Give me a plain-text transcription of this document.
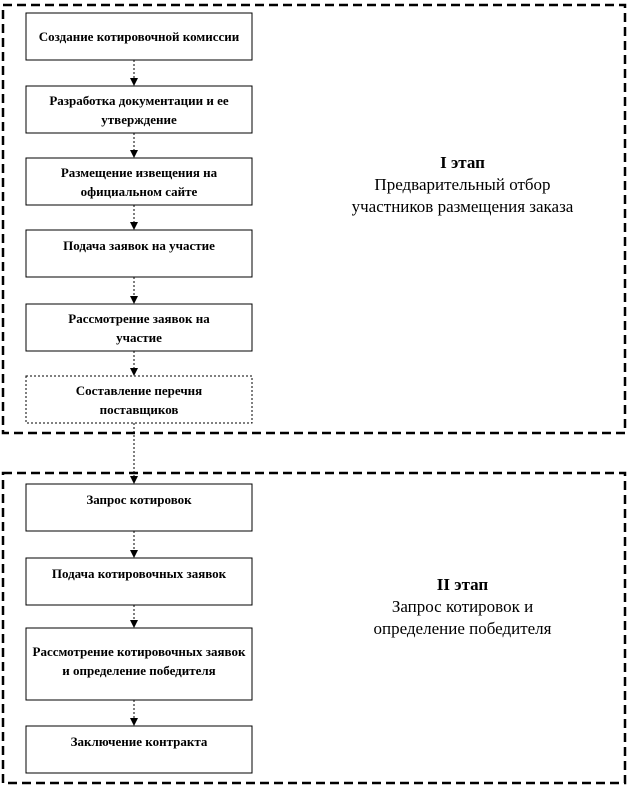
Создание котировочной комиссии
Разработка документации и ее утверждение
Размещение извещения на официальном сайте
Подача заявок на участие
Рассмотрение заявок на участие
Составление перечня поставщиков
Запрос котировок
Подача котировочных заявок
Рассмотрение котировочных заявок и определение победителя
Заключение контракта
I этап
Предварительный отбор
участников размещения заказа
II этап
Запрос котировок и
определение победителя
